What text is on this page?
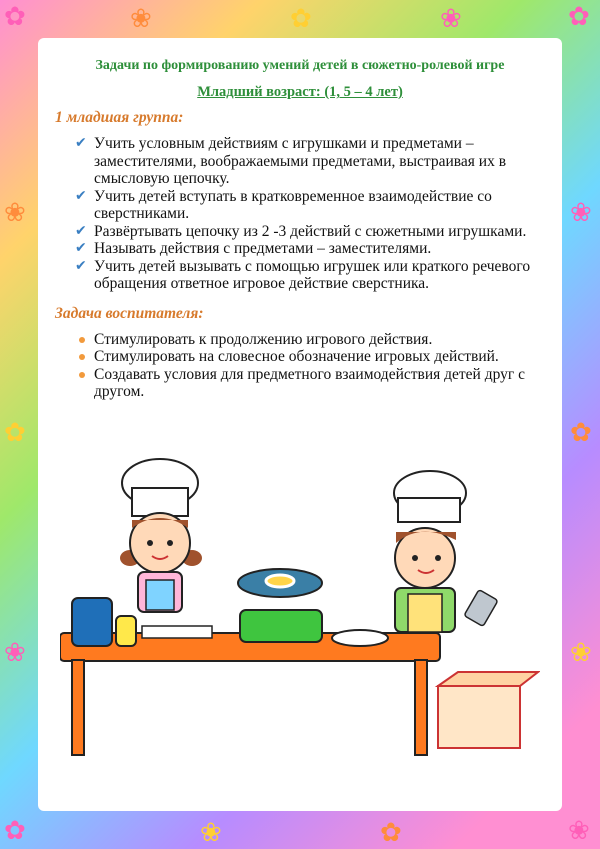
✿	❀	✿	❀	✿
❀
✿
❀
❀
✿
❀
✿	❀	✿	❀

Задачи по формированию умений детей в сюжетно-ролевой игре

Младший возраст: (1, 5 – 4 лет)

1 младшая группа:

✔ Учить условным действиям с игрушками и предметами – заместителями, воображаемыми предметами, выстраивая их в смысловую цепочку.
✔ Учить детей вступать в кратковременное взаимодействие со сверстниками.
✔ Развёртывать цепочку из 2 -3 действий с сюжетными игрушками.
✔ Называть действия с предметами – заместителями.
✔ Учить детей вызывать с помощью игрушек или краткого речевого обращения ответное игровое действие сверстника.

Задача воспитателя:

Стимулировать к продолжению игрового действия.
Стимулировать на словесное обозначение игровых действий.
Создавать условия для предметного взаимодействия детей друг с другом.
